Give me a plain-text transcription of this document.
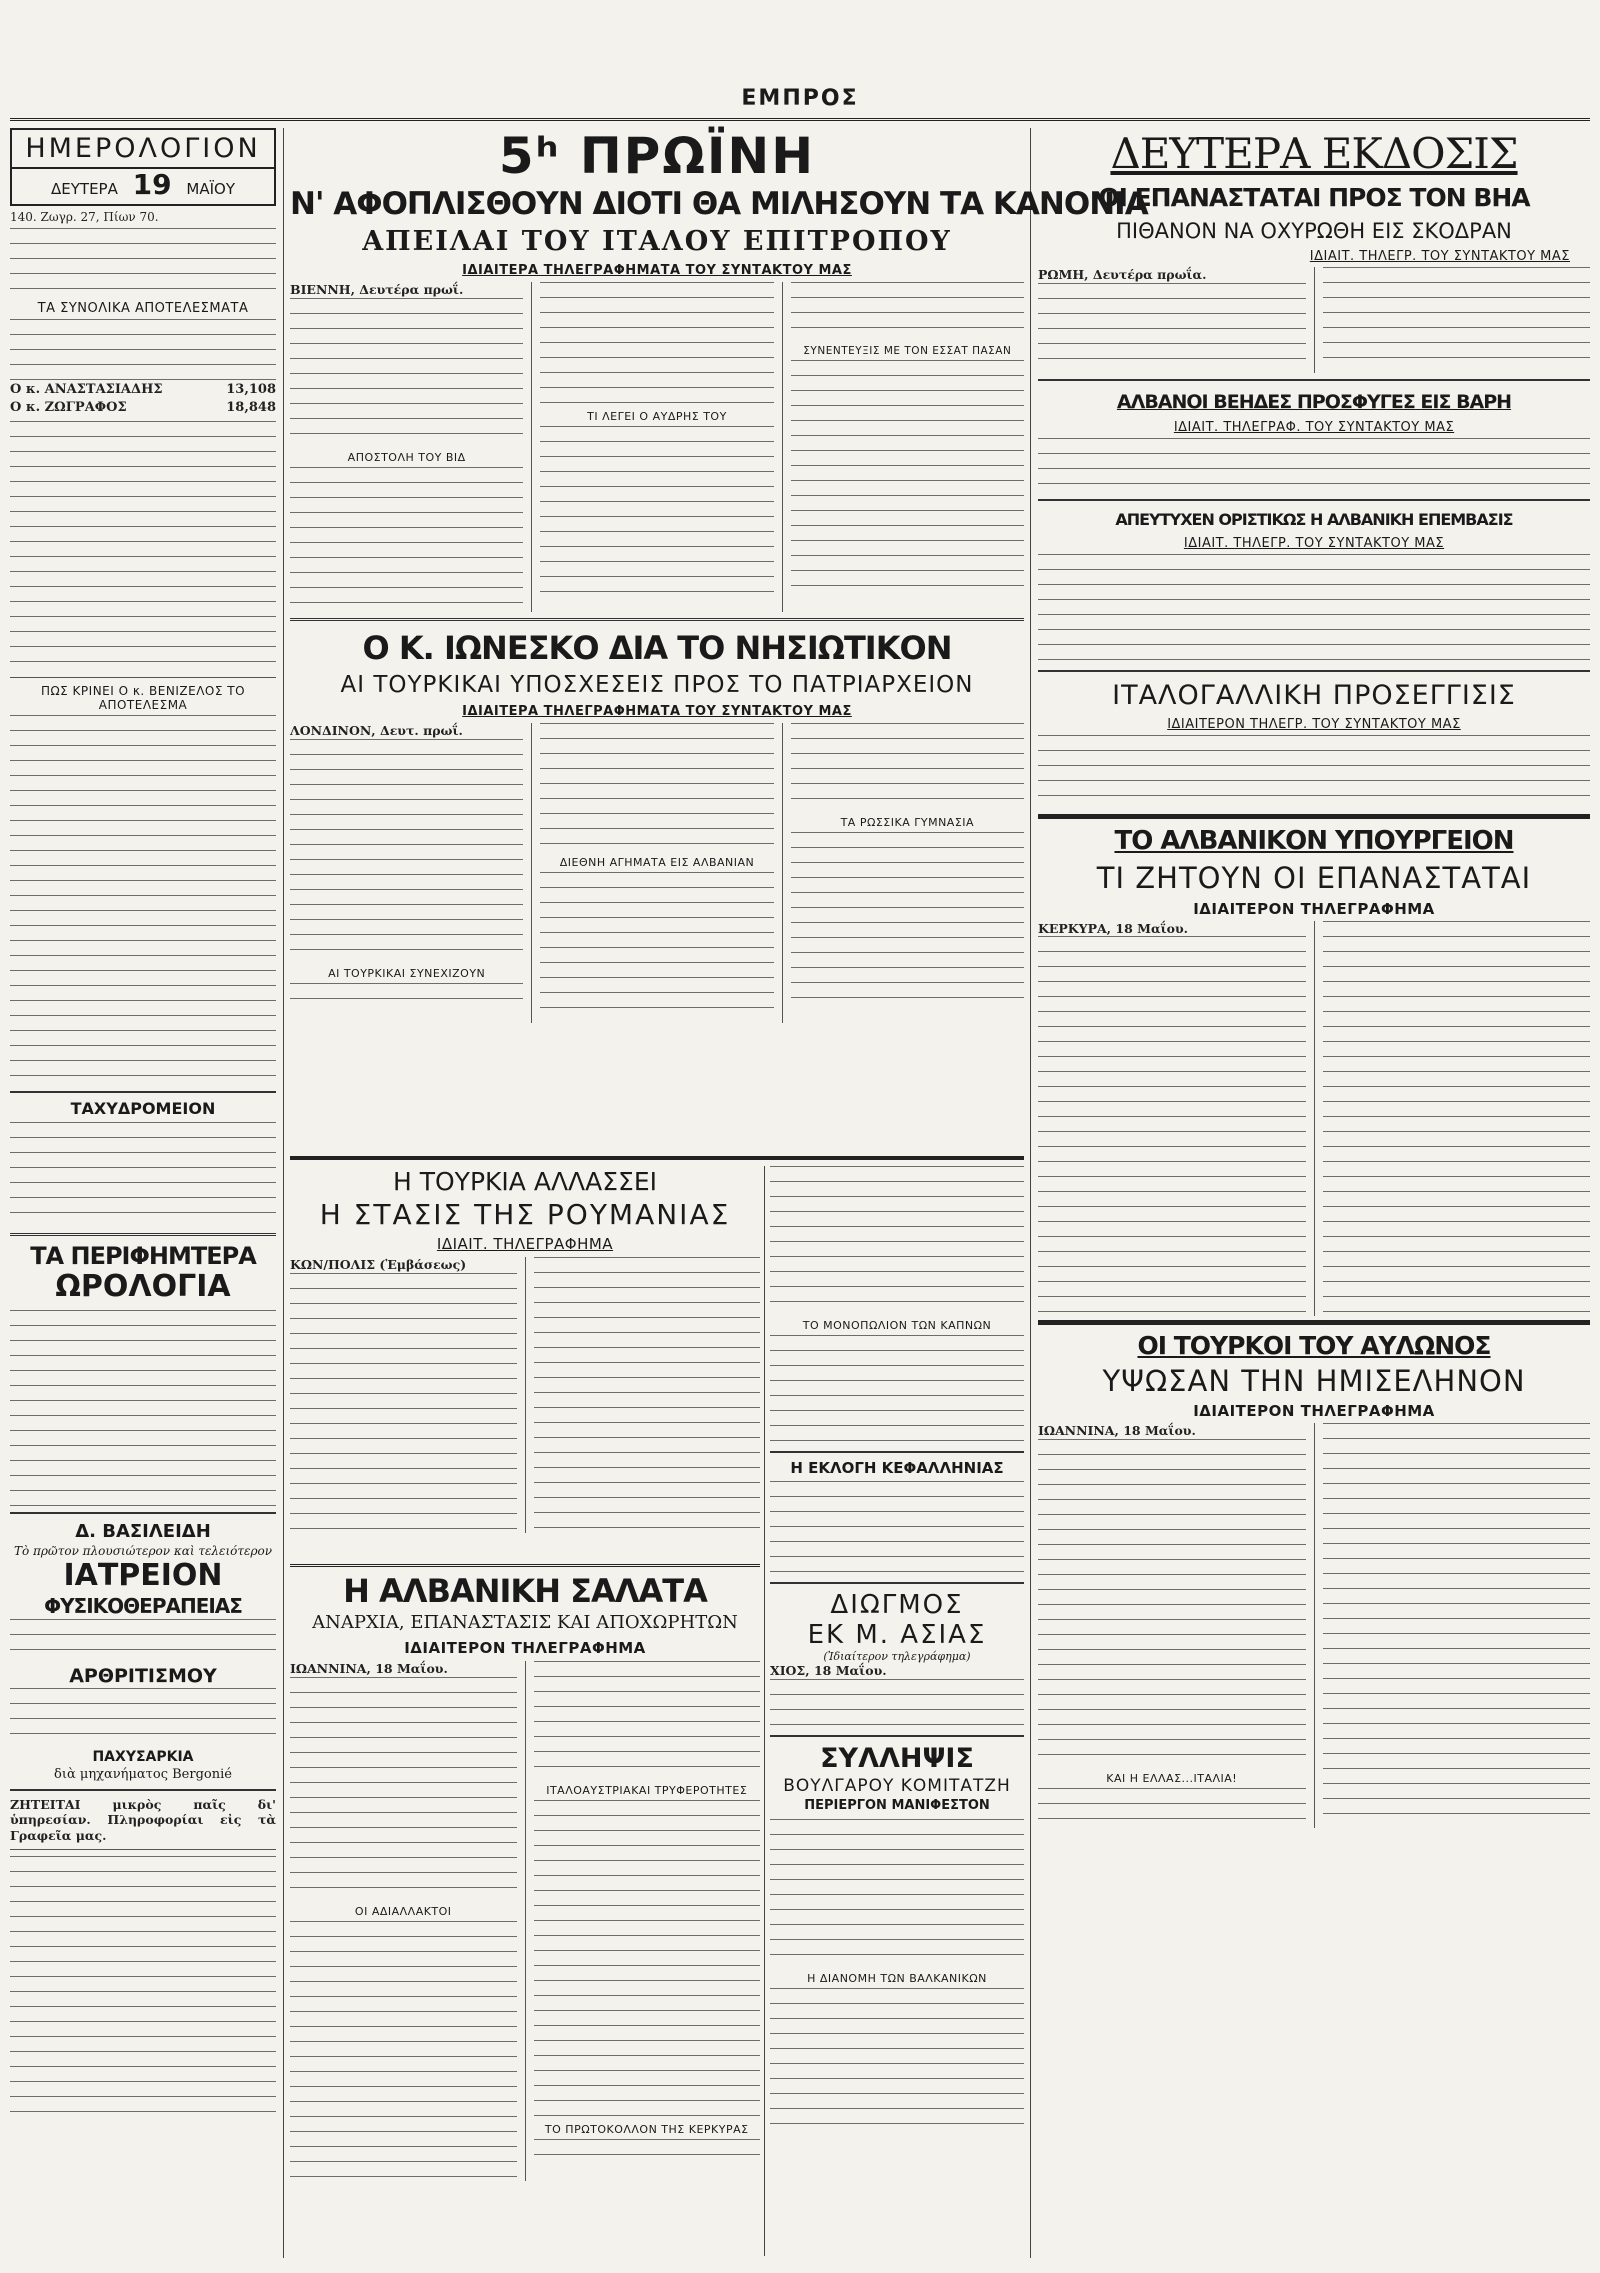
ΕΜΠΡΟΣ
ΗΜΕΡΟΛΟΓΙΟΝ
ΔΕΥΤΕΡΑ 19 ΜΑΪΟΥ
140. Ζωγρ. 27, Πίων 70.
ΤΑ ΣΥΝΟΛΙΚΑ ΑΠΟΤΕΛΕΣΜΑΤΑ
Ο κ. ΑΝΑΣΤΑΣΙΑΔΗΣ	13,108
Ο κ. ΖΩΓΡΑΦΟΣ	18,848
ΠΩΣ ΚΡΙΝΕΙ Ο κ. ΒΕΝΙΖΕΛΟΣ ΤΟ ΑΠΟΤΕΛΕΣΜΑ
ΤΑΧΥΔΡΟΜΕΙΟΝ
ΤΑ ΠΕΡΙΦΗΜΤΕΡΑ
ΩΡΟΛΟΓΙΑ
Δ. ΒΑΣΙΛΕΙΔΗ
Τὸ πρῶτον πλουσιώτερον καὶ τελειότερον
ΙΑΤΡΕΙΟΝ
ΦΥΣΙΚΟΘΕΡΑΠΕΙΑΣ
ΑΡΘΡΙΤΙΣΜΟΥ
ΠΑΧΥΣΑΡΚΙΑ
διὰ μηχανήματος Bergonié
ΖΗΤΕΙΤΑΙ μικρὸς παῖς δι' ὑπηρεσίαν. Πληροφορίαι εἰς τὰ Γραφεῖα μας.
5ʰ ΠΡΩΪΝΗ
Ν' ΑΦΟΠΛΙΣΘΟΥΝ ΔΙΟΤΙ ΘΑ ΜΙΛΗΣΟΥΝ ΤΑ ΚΑΝΟΝΙΑ
ΑΠΕΙΛΑΙ ΤΟΥ ΙΤΑΛΟΥ ΕΠΙΤΡΟΠΟΥ
ΙΔΙΑΙΤΕΡΑ ΤΗΛΕΓΡΑΦΗΜΑΤΑ ΤΟΥ ΣΥΝΤΑΚΤΟΥ ΜΑΣ
ΒΙΕΝΝΗ, Δευτέρα πρωΐ.
ΑΠΟΣΤΟΛΗ ΤΟΥ ΒΙΔ
ΤΙ ΛΕΓΕΙ Ο ΑΥΔΡΗΣ ΤΟΥ
ΣΥΝΕΝΤΕΥΞΙΣ ΜΕ ΤΟΝ ΕΣΣΑΤ ΠΑΣΑΝ
Ο Κ. ΙΩΝΕΣΚΟ ΔΙΑ ΤΟ ΝΗΣΙΩΤΙΚΟΝ
ΑΙ ΤΟΥΡΚΙΚΑΙ ΥΠΟΣΧΕΣΕΙΣ ΠΡΟΣ ΤΟ ΠΑΤΡΙΑΡΧΕΙΟΝ
ΙΔΙΑΙΤΕΡΑ ΤΗΛΕΓΡΑΦΗΜΑΤΑ ΤΟΥ ΣΥΝΤΑΚΤΟΥ ΜΑΣ
ΛΟΝΔΙΝΟΝ, Δευτ. πρωΐ.
ΑΙ ΤΟΥΡΚΙΚΑΙ ΣΥΝΕΧΙΖΟΥΝ
ΔΙΕΘΝΗ ΑΓΗΜΑΤΑ ΕΙΣ ΑΛΒΑΝΙΑΝ
ΤΑ ΡΩΣΣΙΚΑ ΓΥΜΝΑΣΙΑ
Η ΤΟΥΡΚΙΑ ΑΛΛΑΣΣΕΙ
Η ΣΤΑΣΙΣ ΤΗΣ ΡΟΥΜΑΝΙΑΣ
ΙΔΙΑΙΤ. ΤΗΛΕΓΡΑΦΗΜΑ
ΚΩΝ/ΠΟΛΙΣ (Ἐμβάσεως)
ΤΟ ΜΟΝΟΠΩΛΙΟΝ ΤΩΝ ΚΑΠΝΩΝ
Η ΕΚΛΟΓΗ ΚΕΦΑΛΛΗΝΙΑΣ
ΔΙΩΓΜΟΣ
ΕΚ Μ. ΑΣΙΑΣ
(Ἰδιαίτερον τηλεγράφημα)
ΧΙΟΣ, 18 Μαΐου.
ΣΥΛΛΗΨΙΣ
ΒΟΥΛΓΑΡΟΥ ΚΟΜΙΤΑΤΖΗ
ΠΕΡΙΕΡΓΟΝ ΜΑΝΙΦΕΣΤΟΝ
Η ΔΙΑΝΟΜΗ ΤΩΝ ΒΑΛΚΑΝΙΚΩΝ
Η ΑΛΒΑΝΙΚΗ ΣΑΛΑΤΑ
ΑΝΑΡΧΙΑ, ΕΠΑΝΑΣΤΑΣΙΣ ΚΑΙ ΑΠΟΧΩΡΗΤΩΝ
ΙΔΙΑΙΤΕΡΟΝ ΤΗΛΕΓΡΑΦΗΜΑ
ΙΩΑΝΝΙΝΑ, 18 Μαΐου.
ΟΙ ΑΔΙΑΛΛΑΚΤΟΙ
ΙΤΑΛΟΑΥΣΤΡΙΑΚΑΙ ΤΡΥΦΕΡΟΤΗΤΕΣ
ΤΟ ΠΡΩΤΟΚΟΛΛΟΝ ΤΗΣ ΚΕΡΚΥΡΑΣ
ΔΕΥΤΕΡΑ ΕΚΔΟΣΙΣ
ΟΙ ΕΠΑΝΑΣΤΑΤΑΙ ΠΡΟΣ ΤΟΝ ΒΗΑ
ΠΙΘΑΝΟΝ ΝΑ ΟΧΥΡΩΘΗ ΕΙΣ ΣΚΟΔΡΑΝ
ΙΔΙΑΙΤ. ΤΗΛΕΓΡ. ΤΟΥ ΣΥΝΤΑΚΤΟΥ ΜΑΣ
ΡΩΜΗ, Δευτέρα πρωΐα.
ΑΛΒΑΝΟΙ ΒΕΗΔΕΣ ΠΡΟΣΦΥΓΕΣ ΕΙΣ ΒΑΡΗ
ΙΔΙΑΙΤ. ΤΗΛΕΓΡΑΦ. ΤΟΥ ΣΥΝΤΑΚΤΟΥ ΜΑΣ
ΑΠΕΥΤΥΧΕΝ ΟΡΙΣΤΙΚΩΣ Η ΑΛΒΑΝΙΚΗ ΕΠΕΜΒΑΣΙΣ
ΙΔΙΑΙΤ. ΤΗΛΕΓΡ. ΤΟΥ ΣΥΝΤΑΚΤΟΥ ΜΑΣ
ΙΤΑΛΟΓΑΛΛΙΚΗ ΠΡΟΣΕΓΓΙΣΙΣ
ΙΔΙΑΙΤΕΡΟΝ ΤΗΛΕΓΡ. ΤΟΥ ΣΥΝΤΑΚΤΟΥ ΜΑΣ
ΤΟ ΑΛΒΑΝΙΚΟΝ ΥΠΟΥΡΓΕΙΟΝ
ΤΙ ΖΗΤΟΥΝ ΟΙ ΕΠΑΝΑΣΤΑΤΑΙ
ΙΔΙΑΙΤΕΡΟΝ ΤΗΛΕΓΡΑΦΗΜΑ
ΚΕΡΚΥΡΑ, 18 Μαΐου.
ΟΙ ΤΟΥΡΚΟΙ ΤΟΥ ΑΥΛΩΝΟΣ
ΥΨΩΣΑΝ ΤΗΝ ΗΜΙΣΕΛΗΝΟΝ
ΙΔΙΑΙΤΕΡΟΝ ΤΗΛΕΓΡΑΦΗΜΑ
ΙΩΑΝΝΙΝΑ, 18 Μαΐου.
ΚΑΙ Η ΕΛΛΑΣ...ΙΤΑΛΙΑ!
